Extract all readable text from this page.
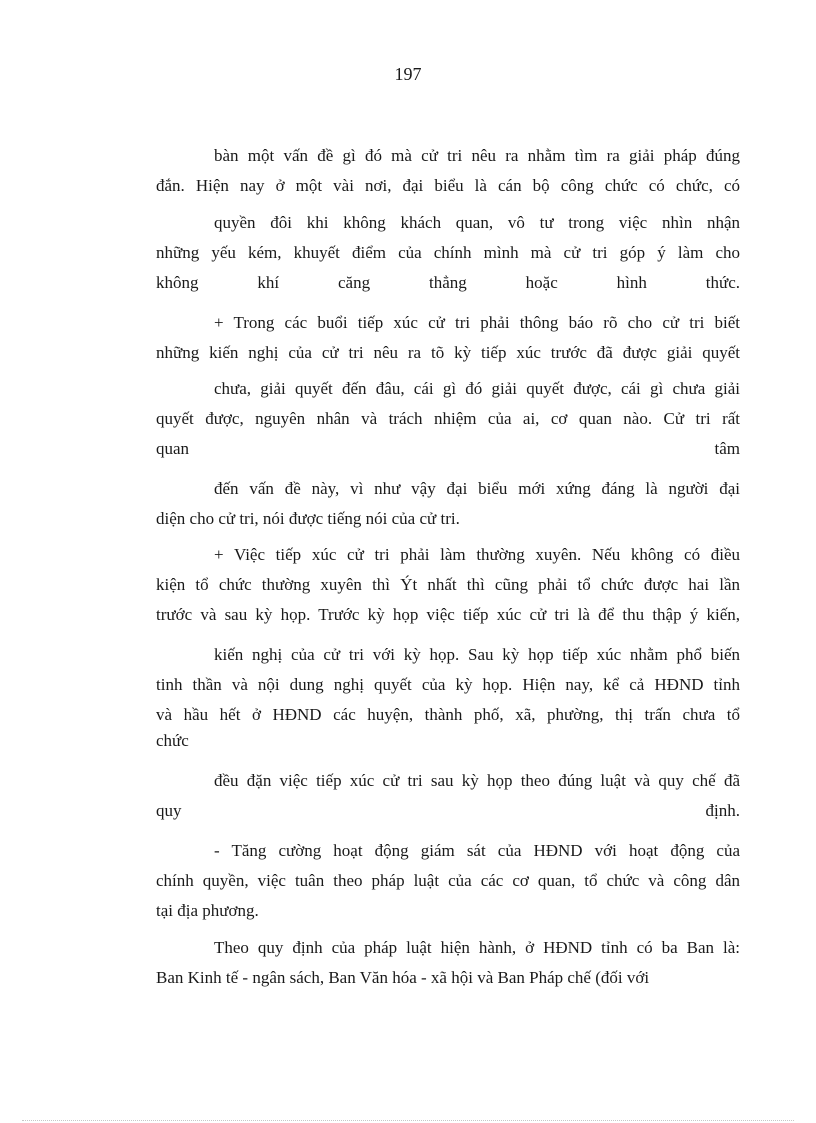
197
bàn một vấn đề gì đó mà cử tri nêu ra nhằm tìm ra giải pháp đúng
đắn. Hiện nay ở một vài nơi, đại biểu là cán bộ công chức có chức, có
quyền đôi khi không khách quan, vô tư trong việc nhìn nhận
những yếu kém, khuyết điểm của chính mình mà cử tri góp ý làm cho
không khí căng thẳng hoặc hình thức.
+ Trong các buổi tiếp xúc cử tri phải thông báo rõ cho cử tri biết
những kiến nghị của cử tri nêu ra tõ kỳ tiếp xúc trước đã được giải quyết
chưa, giải quyết đến đâu, cái gì đó giải quyết được, cái gì chưa giải
quyết được, nguyên nhân và trách nhiệm của ai, cơ quan nào. Cử tri rất
quan tâm
đến vấn đề này, vì như vậy đại biểu mới xứng đáng là người đại
diện cho cử tri, nói được tiếng nói của cử tri.
+ Việc tiếp xúc cử tri phải làm thường xuyên. Nếu không có điều
kiện tổ chức thường xuyên thì Ýt nhất thì cũng phải tổ chức được hai lần
trước và sau kỳ họp. Trước kỳ họp việc tiếp xúc cử tri là để thu thập ý kiến,
kiến nghị của cử tri với kỳ họp. Sau kỳ họp tiếp xúc nhằm phổ biến
tinh thần và nội dung nghị quyết của kỳ họp. Hiện nay, kể cả HĐND tỉnh
và hầu hết ở HĐND các huyện, thành phố, xã, phường, thị trấn chưa tổ
chức
đều đặn việc tiếp xúc cử tri sau kỳ họp theo đúng luật và quy chế đã
quy định.
- Tăng cường hoạt động giám sát của HĐND với hoạt động của
chính quyền, việc tuân theo pháp luật của các cơ quan, tổ chức và công dân
tại địa phương.
Theo quy định của pháp luật hiện hành, ở HĐND tỉnh có ba Ban là:
Ban Kinh tế - ngân sách, Ban Văn hóa - xã hội và Ban Pháp chế (đối với
